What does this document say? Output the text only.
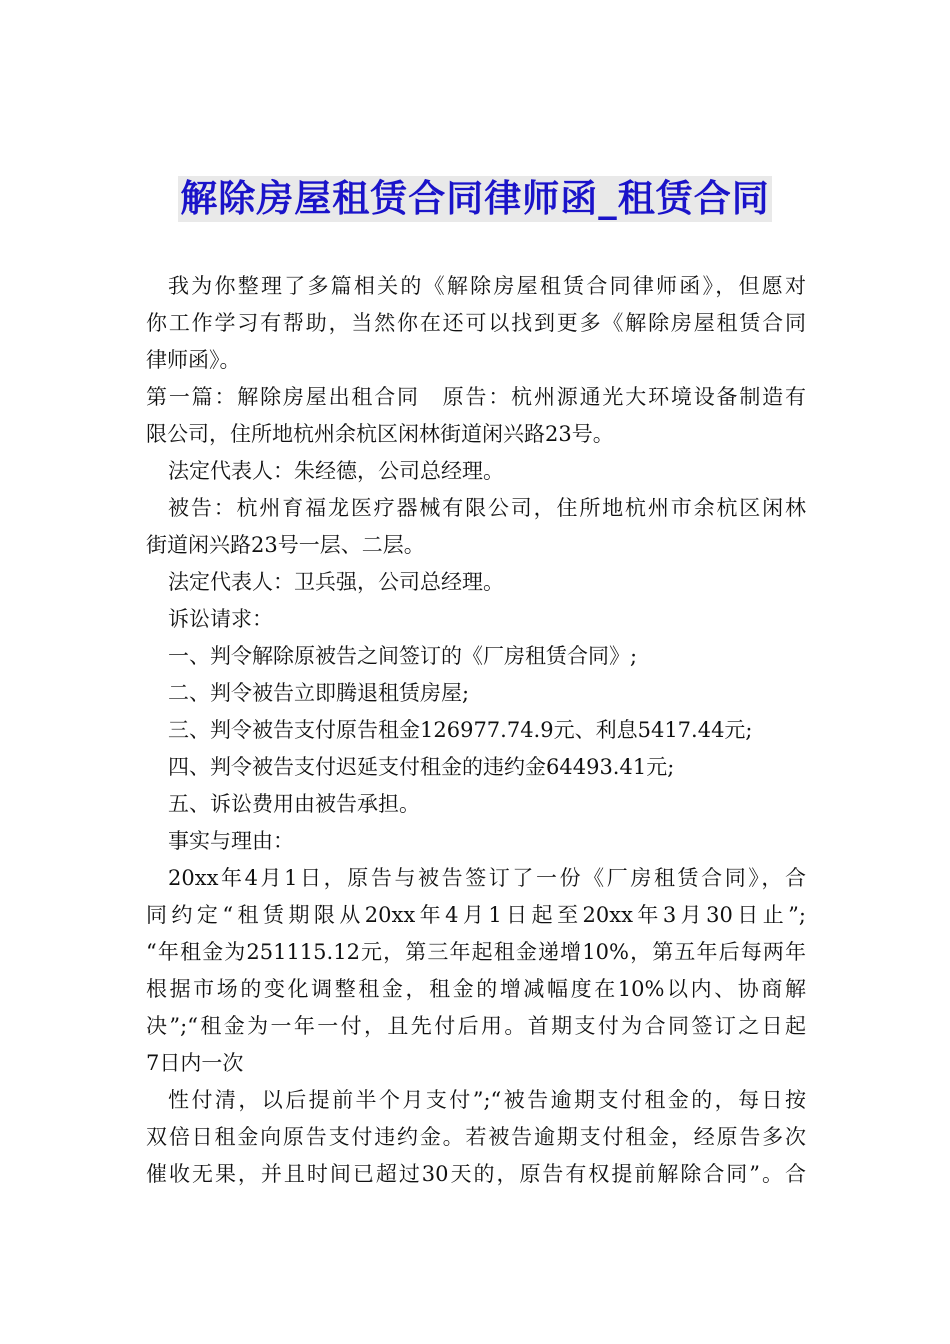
解除房屋租赁合同律师函_租赁合同
我为你整理了多篇相关的《解除房屋租赁合同律师函》，但愿对
你工作学习有帮助，当然你在还可以找到更多《解除房屋租赁合同
律师函》。
第一篇：解除房屋出租合同　原告：杭州源通光大环境设备制造有
限公司，住所地杭州余杭区闲林街道闲兴路23号。
法定代表人：朱经德，公司总经理。
被告：杭州育福龙医疗器械有限公司，住所地杭州市余杭区闲林
街道闲兴路23号一层、二层。
法定代表人：卫兵强，公司总经理。
诉讼请求：
一、判令解除原被告之间签订的《厂房租赁合同》;
二、判令被告立即腾退租赁房屋;
三、判令被告支付原告租金126977.74.9元、利息5417.44元;
四、判令被告支付迟延支付租金的违约金64493.41元;
五、诉讼费用由被告承担。
事实与理由：
20xx年4月1日，原告与被告签订了一份《厂房租赁合同》，合
同约定“租赁期限从20xx年4月1日起至20xx年3月30日止”;
“年租金为251115.12元，第三年起租金递增10%，第五年后每两年
根据市场的变化调整租金，租金的增减幅度在10%以内、协商解
决”;“租金为一年一付，且先付后用。首期支付为合同签订之日起
7日内一次
性付清，以后提前半个月支付”;“被告逾期支付租金的，每日按
双倍日租金向原告支付违约金。若被告逾期支付租金，经原告多次
催收无果，并且时间已超过30天的，原告有权提前解除合同”。合
